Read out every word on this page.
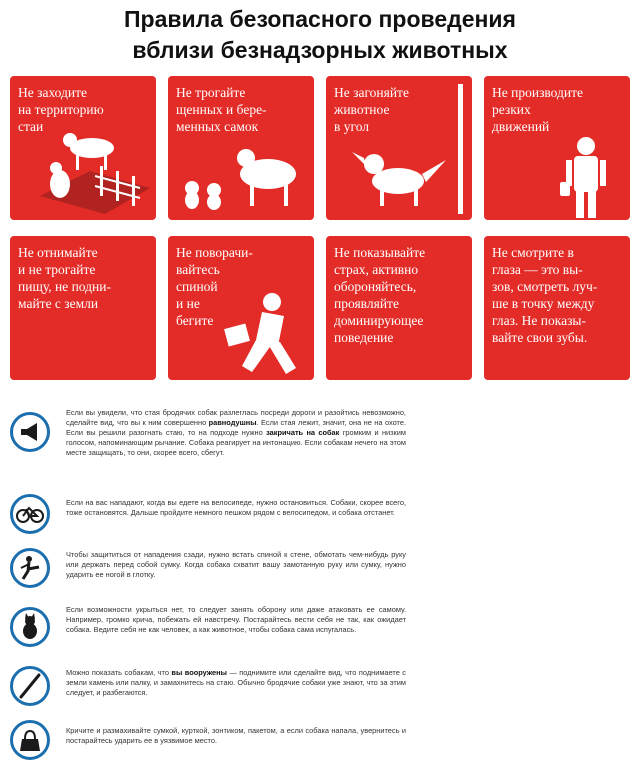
Правила безопасного проведения
вблизи безнадзорных животных
Не заходите
на территорию
стаи
Не трогайте
щенных и бере-
менных самок
Не загоняйте
животное
в угол
Не производите
резких
движений
Не отнимайте
и не трогайте
пищу, не подни-
майте с земли
Не поворачи-
вайтесь
спиной
и не
бегите
Не показывайте
страх, активно
обороняйтесь,
проявляйте
доминирующее
поведение
Не смотрите в
глаза — это вы-
зов, смотреть луч-
ше в точку между
глаз. Не показы-
вайте свои зубы.
Если вы увидели, что стая бродячих собак разлеглась посреди дороги и разойтись невозможно, сделайте вид, что вы к ним совершенно равнодушны. Если стая лежит, значит, она не на охоте. Если вы решили разогнать стаю, то на подходе нужно закричать на собак громким и низким голосом, напоминающим рычание. Собака реагирует на интонацию. Если собакам нечего на этом месте защищать, то они, скорее всего, сбегут.
Если на вас нападают, когда вы едете на велосипеде, нужно остановиться. Собаки, скорее всего, тоже остановятся. Дальше пройдите немного пешком рядом с велосипедом, и собака отстанет.
Чтобы защититься от нападения сзади, нужно встать спиной к стене, обмотать чем-нибудь руку или держать перед собой сумку. Когда собака схватит вашу замотанную руку или сумку, нужно ударить ее ногой в глотку.
Если возможности укрыться нет, то следует занять оборону или даже атаковать ее самому. Например, громко крича, побежать ей навстречу. Постарайтесь вести себя не так, как ожидает собака. Ведите себя не как человек, а как животное, чтобы собака сама испугалась.
Можно показать собакам, что вы вооружены — поднимите или сделайте вид, что поднимаете с земли камень или палку, и замахнитесь на стаю. Обычно бродячие собаки уже знают, что за этим следует, и разбегаются.
Кричите и размахивайте сумкой, курткой, зонтиком, пакетом, а если собака напала, увернитесь и постарайтесь ударить ее в уязвимое место.
